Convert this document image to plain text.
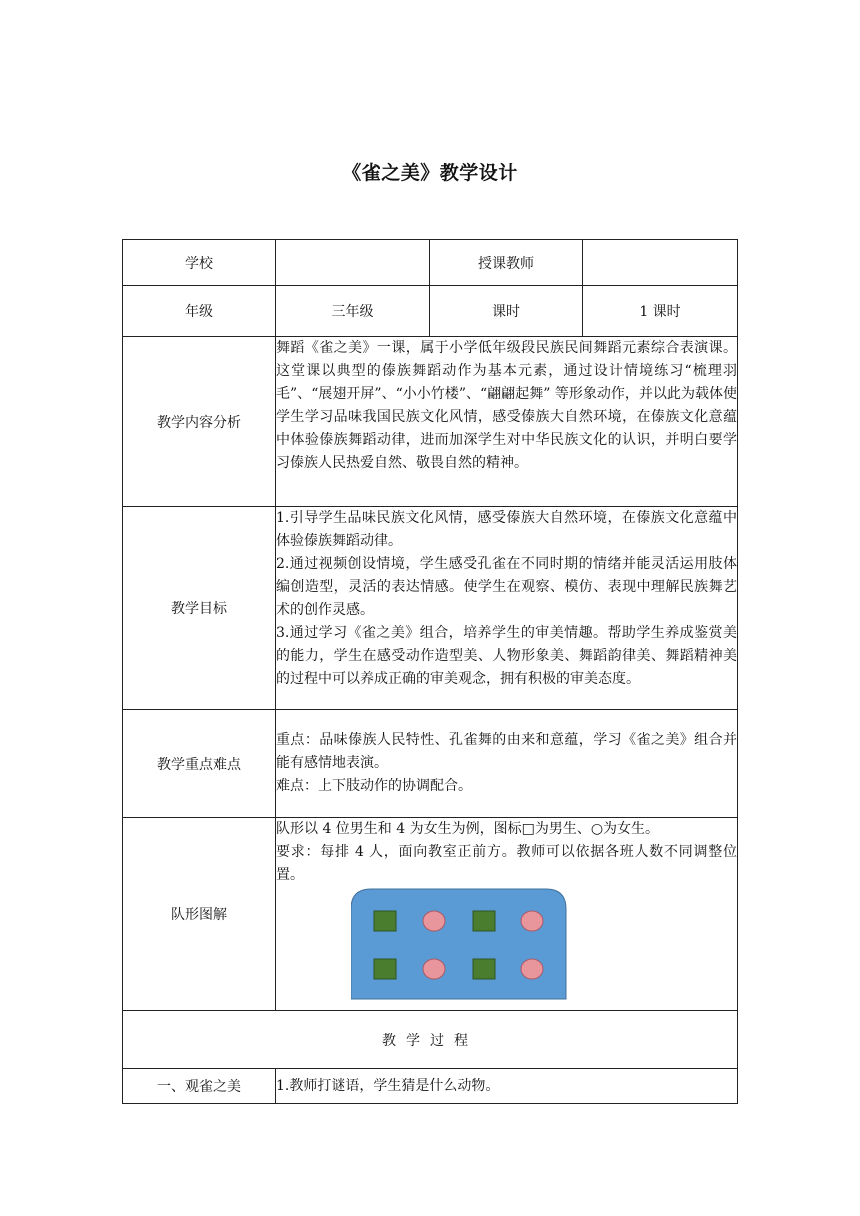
《雀之美》教学设计
学校		授课教师	
年级	三年级	课时	1 课时
教学内容分析	舞蹈《雀之美》一课，属于小学低年级段民族民间舞蹈元素综合表演课。这堂课以典型的傣族舞蹈动作为基本元素，通过设计情境练习“梳理羽毛”、“展翅开屏”、“小小竹楼”、“翩翩起舞” 等形象动作，并以此为载体使学生学习品味我国民族文化风情，感受傣族大自然环境，在傣族文化意蕴中体验傣族舞蹈动律，进而加深学生对中华民族文化的认识，并明白要学习傣族人民热爱自然、敬畏自然的精神。		
教学目标	1.引导学生品味民族文化风情，感受傣族大自然环境，在傣族文化意蕴中体验傣族舞蹈动律。

2.通过视频创设情境，学生感受孔雀在不同时期的情绪并能灵活运用肢体编创造型，灵活的表达情感。使学生在观察、模仿、表现中理解民族舞艺术的创作灵感。

3.通过学习《雀之美》组合，培养学生的审美情趣。帮助学生养成鉴赏美的能力，学生在感受动作造型美、人物形象美、舞蹈韵律美、舞蹈精神美的过程中可以养成正确的审美观念，拥有积极的审美态度。		

教学重点难点	重点：品味傣族人民特性、孔雀舞的由来和意蕴，学习《雀之美》组合并能有感情地表演。

难点：上下肢动作的协调配合。		

队形图解	队形以 4 位男生和 4 为女生为例，图标□为男生、○为女生。

要求：每排 4 人，面向教室正前方。教师可以依据各班人数不同调整位置。		

教学过程			
一、观雀之美	1.教师打谜语，学生猜是什么动物。		
